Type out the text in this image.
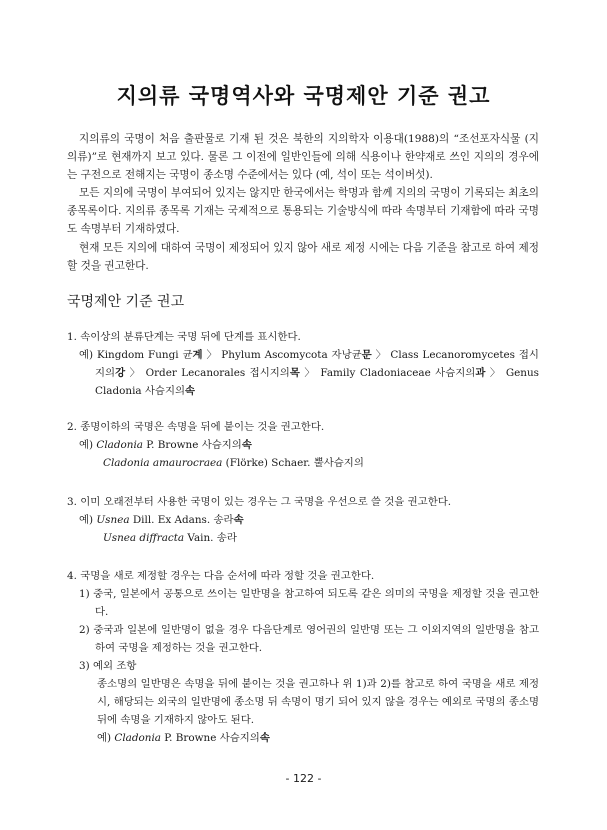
지의류 국명역사와 국명제안 기준 권고

지의류의 국명이 처음 출판물로 기재 된 것은 북한의 지의학자 이용대(1988)의 “조선포자식물 (지의류)”로 현재까지 보고 있다. 물론 그 이전에 일반인들에 의해 식용이나 한약재로 쓰인 지의의 경우에는 구전으로 전해지는 국명이 종소명 수준에서는 있다 (예, 석이 또는 석이버섯).

모든 지의에 국명이 부여되어 있지는 않지만 한국에서는 학명과 함께 지의의 국명이 기록되는 최초의 종목록이다. 지의류 종목록 기재는 국제적으로 통용되는 기술방식에 따라 속명부터 기재함에 따라 국명도 속명부터 기재하였다.

현재 모든 지의에 대하여 국명이 제정되어 있지 않아 새로 제정 시에는 다음 기준을 참고로 하여 제정할 것을 권고한다.

국명제안 기준 권고
1. 속이상의 분류단계는 국명 뒤에 단계를 표시한다.
예) Kingdom Fungi 균계 〉 Phylum Ascomycota 자낭균문 〉 Class Lecanoromycetes 접시지의강 〉 Order Lecanorales 접시지의목 〉 Family Cladoniaceae 사슴지의과 〉 Genus Cladonia 사슴지의속
2. 종명이하의 국명은 속명을 뒤에 붙이는 것을 권고한다.
예) Cladonia P. Browne 사슴지의속
Cladonia amaurocraea (Flörke) Schaer. 뿔사슴지의
3. 이미 오래전부터 사용한 국명이 있는 경우는 그 국명을 우선으로 쓸 것을 권고한다.
예) Usnea Dill. Ex Adans. 송라속
Usnea diffracta Vain. 송라
4. 국명을 새로 제정할 경우는 다음 순서에 따라 정할 것을 권고한다.
1) 중국, 일본에서 공통으로 쓰이는 일반명을 참고하여 되도록 같은 의미의 국명을 제정할 것을 권고한다.
2) 중국과 일본에 일반명이 없을 경우 다음단계로 영어권의 일반명 또는 그 이외지역의 일반명을 참고하여 국명을 제정하는 것을 권고한다.
3) 예외 조항
종소명의 일반명은 속명을 뒤에 붙이는 것을 권고하나 위 1)과 2)를 참고로 하여 국명을 새로 제정 시, 해당되는 외국의 일반명에 종소명 뒤 속명이 명기 되어 있지 않을 경우는 예외로 국명의 종소명 뒤에 속명을 기재하지 않아도 된다.
예) Cladonia P. Browne 사슴지의속
- 122 -
